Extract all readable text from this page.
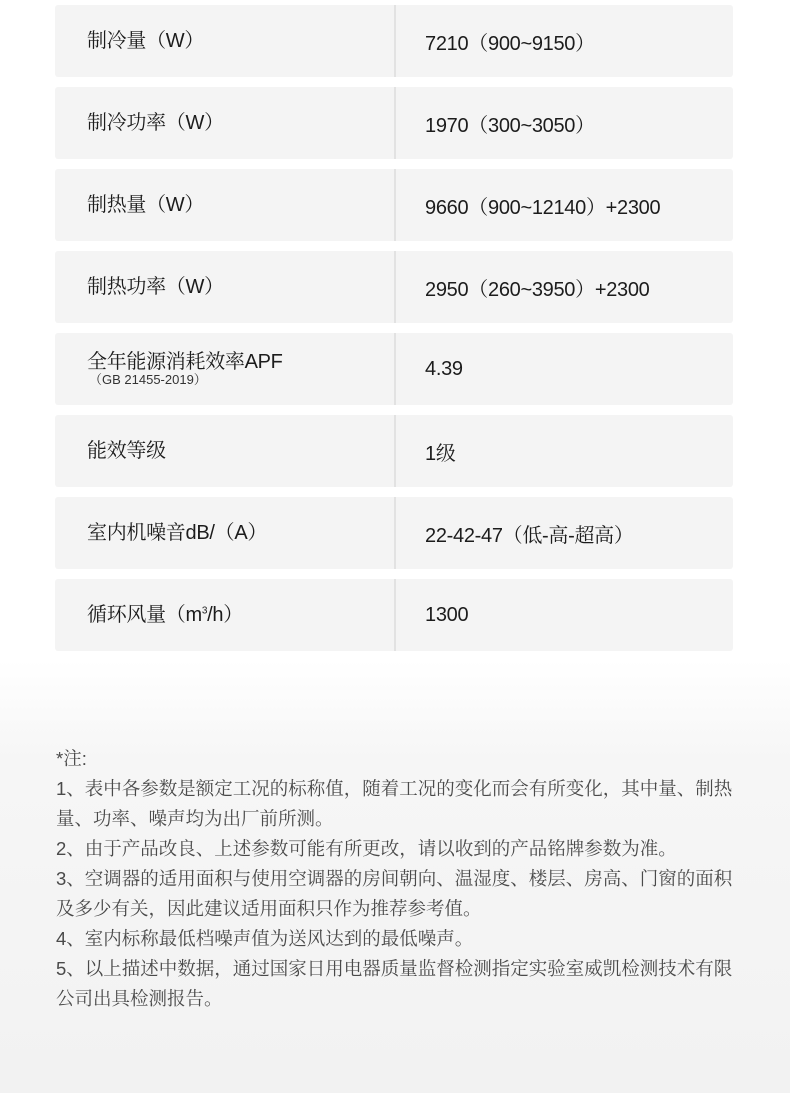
制冷量（W）	7210（900~9150）
制冷功率（W）	1970（300~3050）
制热量（W）	9660（900~12140）+2300
制热功率（W）	2950（260~3950）+2300
全年能源消耗效率APF
（GB 21455-2019）	4.39
能效等级	1级
室内机噪音dB/（A）	22-42-47（低-高-超高）
循环风量$(m^3/h)$	1300

*注:

1、表中各参数是额定工况的标称值，随着工况的变化而会有所变化，其中量、制热量、功率、噪声均为出厂前所测。

2、由于产品改良、上述参数可能有所更改，请以收到的产品铭牌参数为准。

3、空调器的适用面积与使用空调器的房间朝向、温湿度、楼层、房高、门窗的面积及多少有关，因此建议适用面积只作为推荐参考值。

4、室内标称最低档噪声值为送风达到的最低噪声。

5、以上描述中数据，通过国家日用电器质量监督检测指定实验室威凯检测技术有限公司出具检测报告。
